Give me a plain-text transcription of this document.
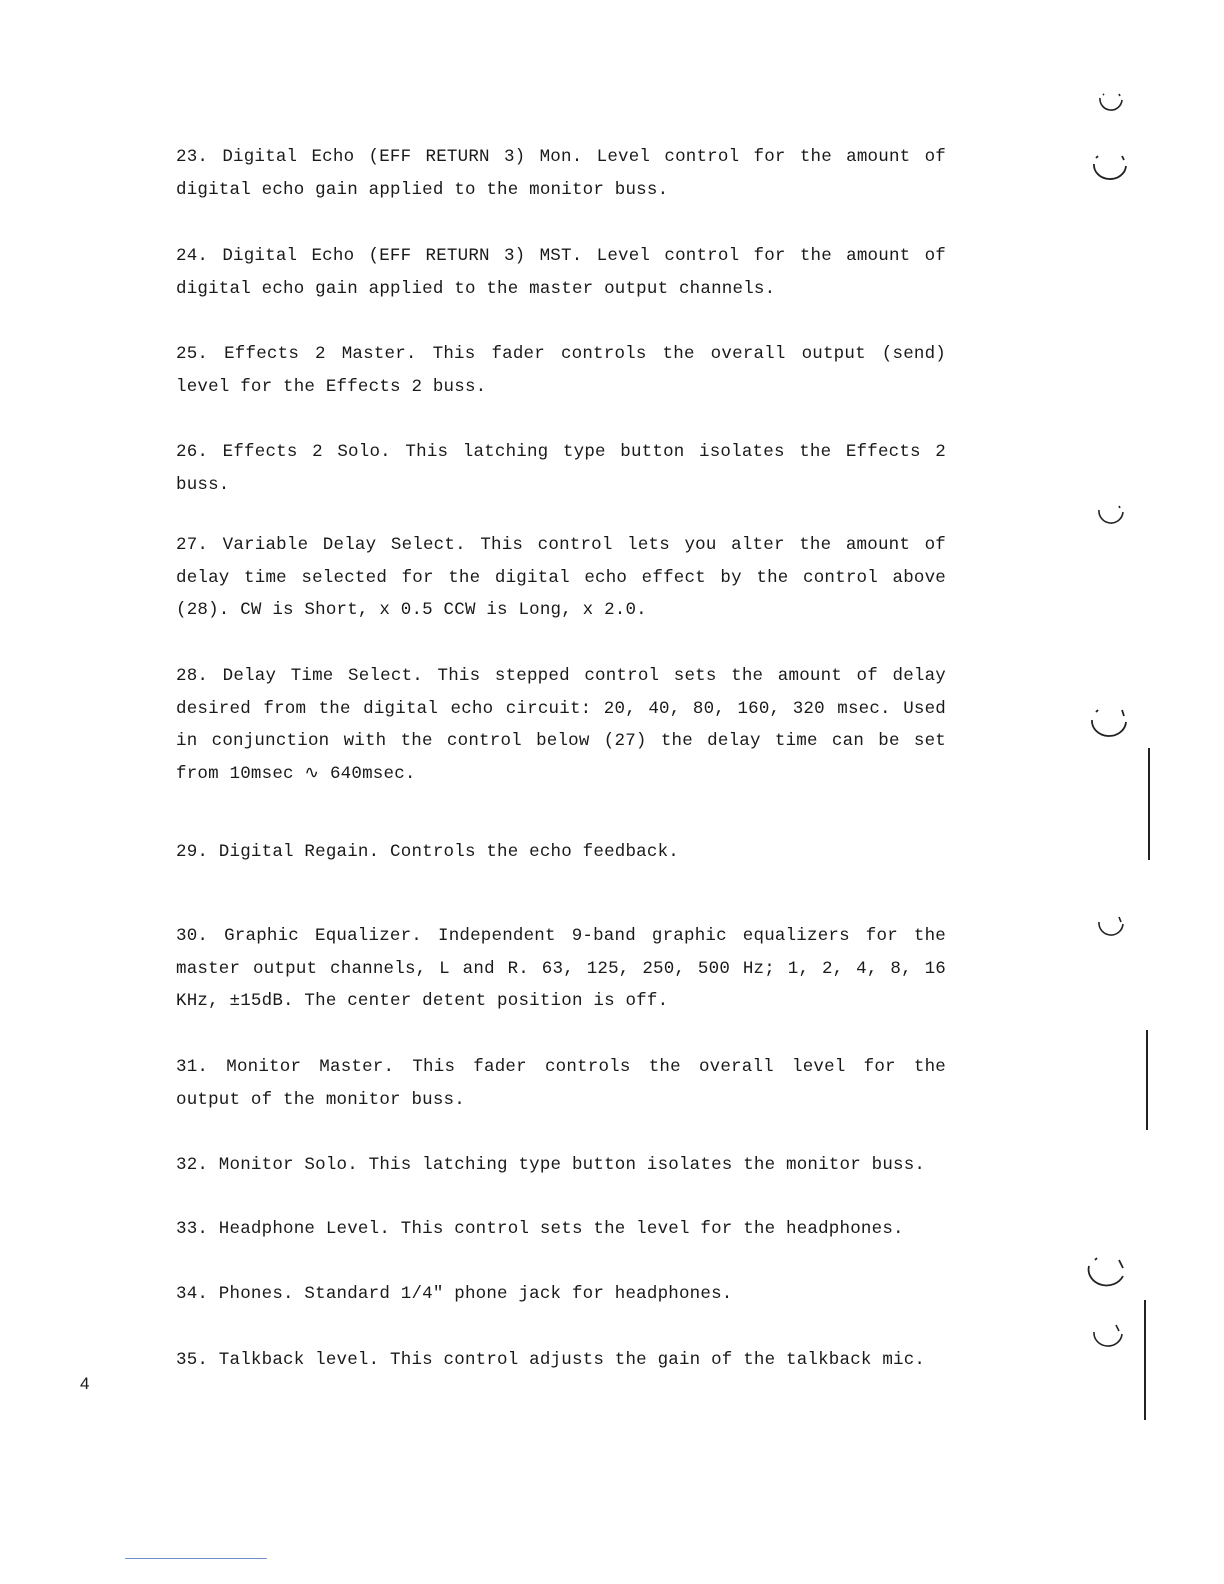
23. Digital Echo (EFF RETURN 3) Mon. Level control for the amount of digital echo gain applied to the monitor buss.

24. Digital Echo (EFF RETURN 3) MST. Level control for the amount of digital echo gain applied to the master output channels.

25. Effects 2 Master. This fader controls the overall output (send) level for the Effects 2 buss.

26. Effects 2 Solo. This latching type button isolates the Effects 2 buss.

27. Variable Delay Select. This control lets you alter the amount of delay time selected for the digital echo effect by the control above (28). CW is Short, x 0.5 CCW is Long, x 2.0.

28. Delay Time Select. This stepped control sets the amount of delay desired from the digital echo circuit: 20, 40, 80, 160, 320 msec. Used in conjunction with the control below (27) the delay time can be set from 10msec ∿ 640msec.

29. Digital Regain. Controls the echo feedback.

30. Graphic Equalizer. Independent 9-band graphic equalizers for the master output channels, L and R. 63, 125, 250, 500 Hz; 1, 2, 4, 8, 16 KHz, ±15dB. The center detent position is off.

31. Monitor Master. This fader controls the overall level for the output of the monitor buss.

32. Monitor Solo. This latching type button isolates the monitor buss.

33. Headphone Level. This control sets the level for the headphones.

34. Phones. Standard 1/4" phone jack for headphones.

35. Talkback level. This control adjusts the gain of the talkback mic.

4
